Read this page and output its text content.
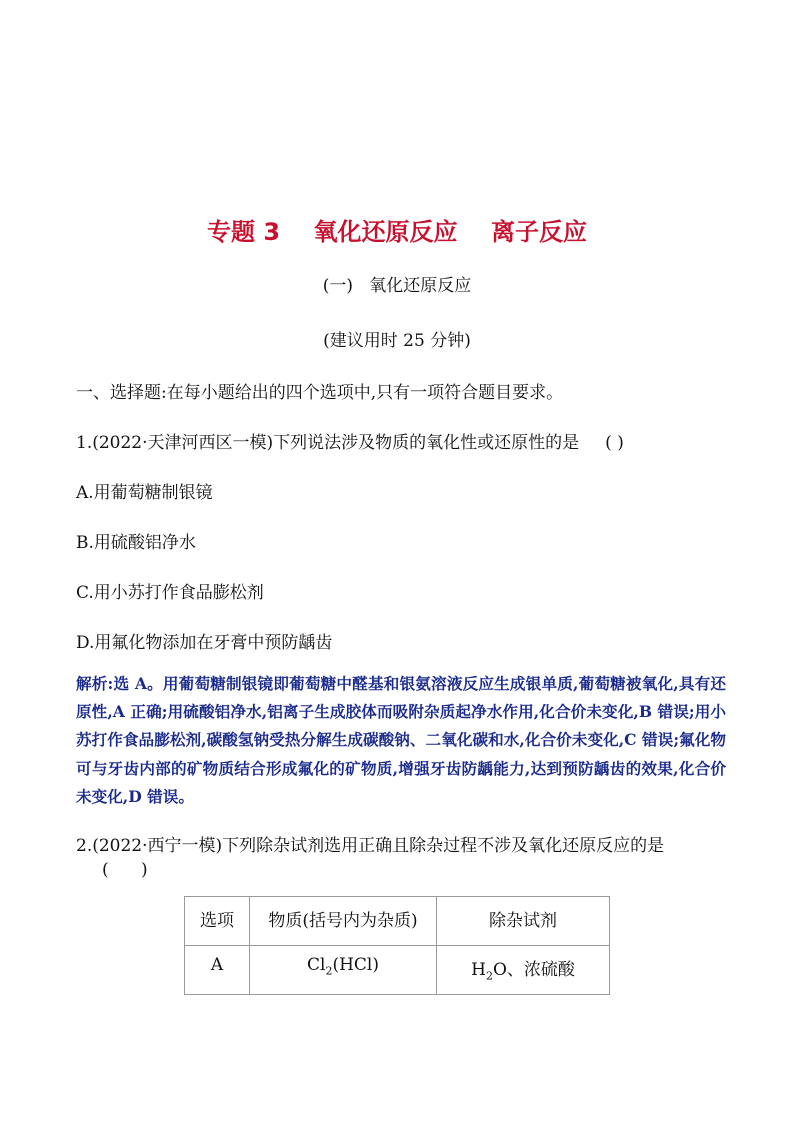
专题 3 氧化还原反应 离子反应
(一)   氧化还原反应
(建议用时 25 分钟)
一、选择题:在每小题给出的四个选项中,只有一项符合题目要求。
1.(2022·天津河西区一模)下列说法涉及物质的氧化性或还原性的是 ( )
A.用葡萄糖制银镜
B.用硫酸铝净水
C.用小苏打作食品膨松剂
D.用氟化物添加在牙膏中预防龋齿

解析:选 A。用葡萄糖制银镜即葡萄糖中醛基和银氨溶液反应生成银单质,葡萄糖被氧化,具有还原性,A 正确;用硫酸铝净水,铝离子生成胶体而吸附杂质起净水作用,化合价未变化,B 错误;用小苏打作食品膨松剂,碳酸氢钠受热分解生成碳酸钠、二氧化碳和水,化合价未变化,C 错误;氟化物可与牙齿内部的矿物质结合形成氟化的矿物质,增强牙齿防龋能力,达到预防龋齿的效果,化合价未变化,D 错误。

2.(2022·西宁一模)下列除杂试剂选用正确且除杂过程不涉及氧化还原反应的是
(      )
选项	物质(括号内为杂质)	除杂试剂
A	$Cl_2(HCl)$	$H_2O$、浓硫酸
